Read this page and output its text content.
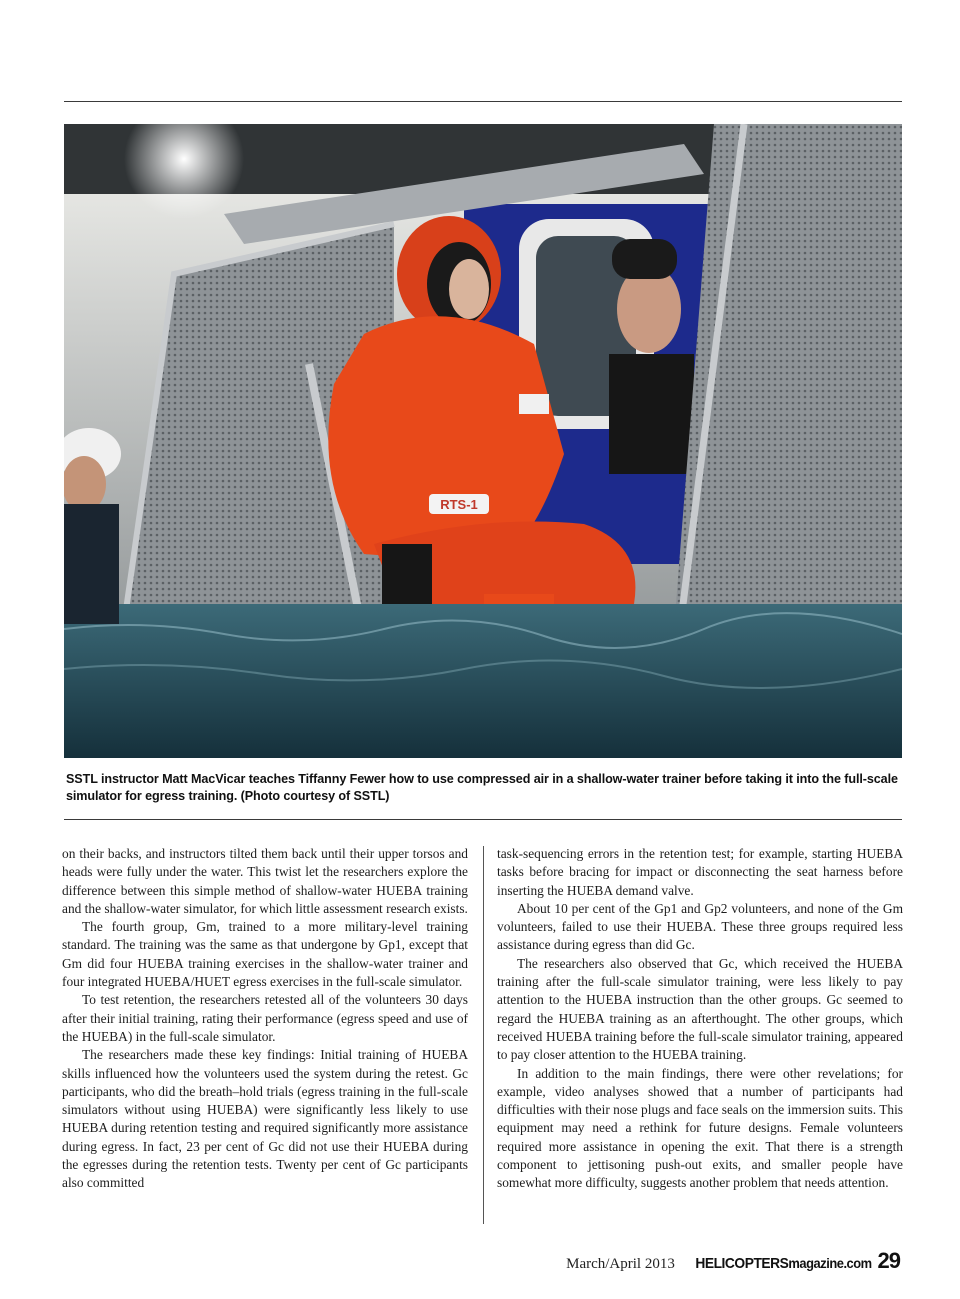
RTS-1
SSTL instructor Matt MacVicar teaches Tiffanny Fewer how to use compressed air in a shallow-water trainer before taking it into the full-scale simulator for egress training. (Photo courtesy of SSTL)

on their backs, and instructors tilted them back until their upper torsos and heads were fully under the water. This twist let the researchers explore the difference between this simple method of shallow-water HUEBA training and the shallow-water simulator, for which little assessment research exists.

The fourth group, Gm, trained to a more military-level training standard. The training was the same as that undergone by Gp1, except that Gm did four HUEBA training exercises in the shallow-water trainer and four integrated HUEBA/HUET egress exercises in the full-scale simulator.

To test retention, the researchers retested all of the volunteers 30 days after their initial training, rating their performance (egress speed and use of the HUEBA) in the full-scale simulator.

The researchers made these key findings: Initial training of HUEBA skills influenced how the volunteers used the system during the retest. Gc participants, who did the breath–hold trials (egress training in the full-scale simulators without using HUEBA) were significantly less likely to use HUEBA during retention testing and required significantly more assistance during egress. In fact, 23 per cent of Gc did not use their HUEBA during the egresses during the retention tests. Twenty per cent of Gc participants also committed

task-sequencing errors in the retention test; for example, starting HUEBA tasks before bracing for impact or disconnecting the seat harness before inserting the HUEBA demand valve.

About 10 per cent of the Gp1 and Gp2 volunteers, and none of the Gm volunteers, failed to use their HUEBA. These three groups required less assistance during egress than did Gc.

The researchers also observed that Gc, which received the HUEBA training after the full-scale simulator training, were less likely to pay attention to the HUEBA instruction than the other groups. Gc seemed to regard the HUEBA training as an afterthought. The other groups, which received HUEBA training before the full-scale simulator training, appeared to pay closer attention to the HUEBA training.

In addition to the main findings, there were other revelations; for example, video analyses showed that a number of participants had difficulties with their nose plugs and face seals on the immersion suits. This equipment may need a rethink for future designs. Female volunteers required more assistance in opening the exit. That there is a strength component to jettisoning push-out exits, and smaller people have somewhat more difficulty, suggests another problem that needs attention.

March/April 2013 HELICOPTERSmagazine.com 29
